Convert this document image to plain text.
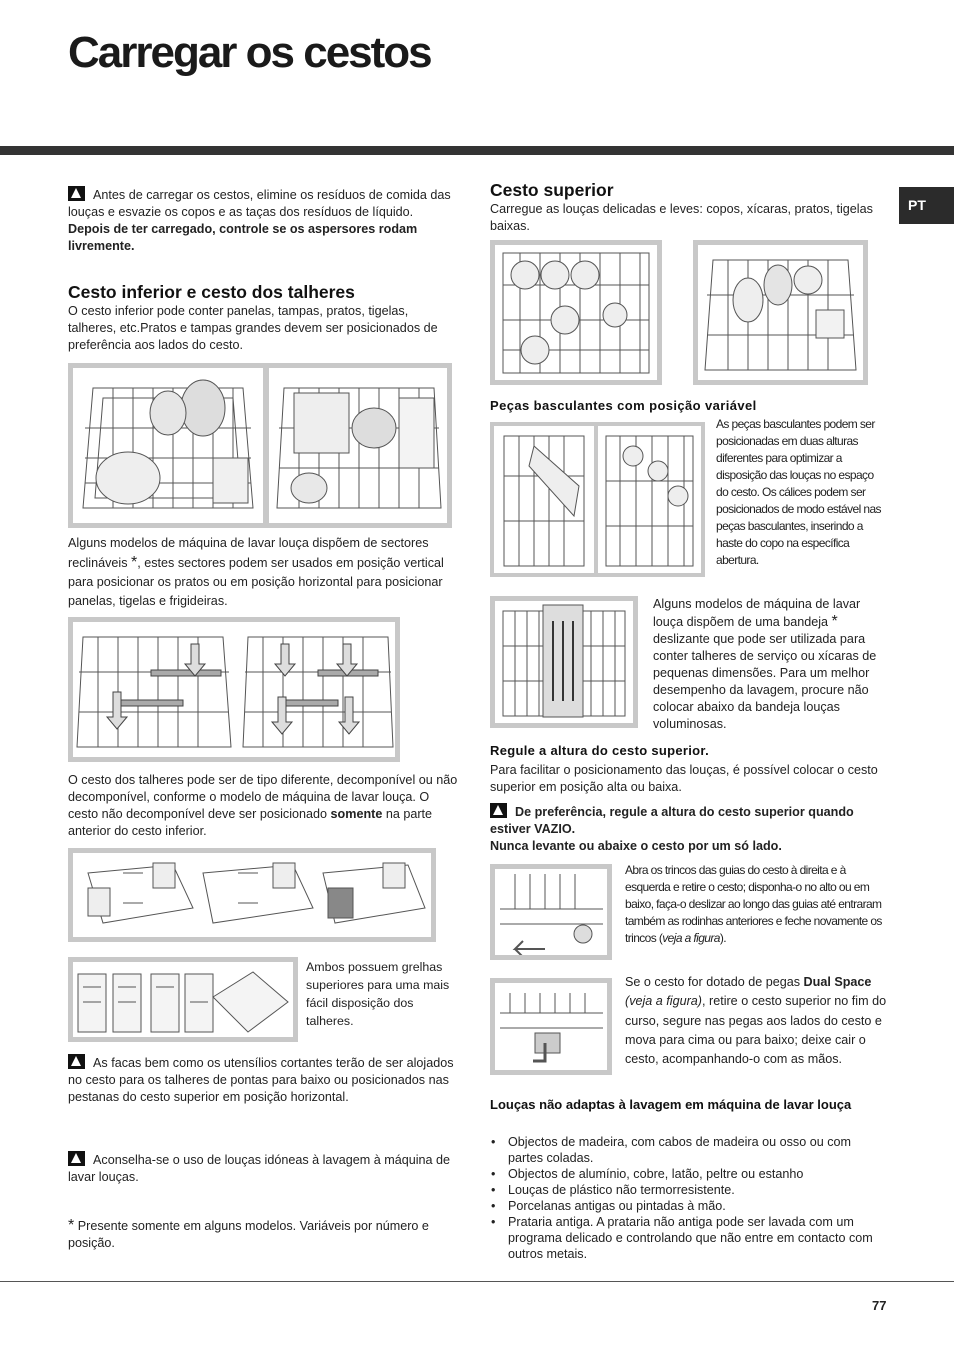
Carregar os cestos
PT
Antes de carregar os cestos, elimine os resíduos de comida das louças e esvazie os copos e as taças dos resíduos de líquido.
Depois de ter carregado, controle se os aspersores rodam livremente.
Cesto inferior e cesto dos talheres
O cesto inferior pode conter panelas, tampas, pratos, tigelas, talheres, etc.Pratos e tampas grandes devem ser posicionados de preferência aos lados do cesto.
Alguns modelos de máquina de lavar louça dispõem de sectores reclináveis *, estes sectores podem ser usados em posição vertical para posicionar os pratos ou em posição horizontal para posicionar panelas, tigelas e frigideiras.
O cesto dos talheres pode ser de tipo diferente, decomponível ou não decomponível, conforme o modelo de máquina de lavar louça. O cesto não decomponível deve ser posicionado somente na parte anterior do cesto inferior.
Ambos possuem grelhas superiores para uma mais fácil disposição dos talheres.
As facas bem como os utensílios cortantes terão de ser alojados no cesto para os talheres de pontas para baixo ou posicionados nas pestanas do cesto superior em posição horizontal.
Aconselha-se o uso de louças idóneas à lavagem à máquina de lavar louças.
* Presente somente em alguns modelos. Variáveis por número e posição.
Cesto superior
Carregue as louças delicadas e leves: copos, xícaras, pratos, tigelas baixas.
Peças basculantes com posição variável
As peças basculantes podem ser posicionadas em duas alturas diferentes para optimizar a disposição das louças no espaço do cesto. Os cálices podem ser posicionados de modo estável nas peças basculantes, inserindo a haste do copo na específica abertura.
Alguns modelos de máquina de lavar louça dispõem de uma bandeja * deslizante que pode ser utilizada para conter talheres de serviço ou xícaras de pequenas dimensões. Para um melhor desempenho da lavagem, procure não colocar abaixo da bandeja louças voluminosas.
Regule a altura do cesto superior.
Para facilitar o posicionamento das louças, é possível colocar o cesto superior em posição alta ou baixa.
De preferência, regule a altura do cesto superior quando estiver VAZIO.
Nunca levante ou abaixe o cesto por um só lado.
Abra os trincos das guias do cesto à direita e à esquerda e retire o cesto; disponha-o no alto ou em baixo, faça-o deslizar ao longo das guias até entraram também as rodinhas anteriores e feche novamente os trincos (veja a figura).
Se o cesto for dotado de pegas Dual Space (veja a figura), retire o cesto superior no fim do curso, segure nas pegas aos lados do cesto e mova para cima ou para baixo; deixe cair o cesto, acompanhando-o com as mãos.
Louças não adaptas à lavagem em máquina de lavar louça
• Objectos de madeira, com cabos de madeira ou osso ou com partes coladas.
• Objectos de alumínio, cobre, latão, peltre ou estanho
• Louças de plástico não termorresistente.
• Porcelanas antigas ou pintadas à mão.
• Prataria antiga. A prataria não antiga pode ser lavada com um programa delicado e controlando que não entre em contacto com outros metais.
77
